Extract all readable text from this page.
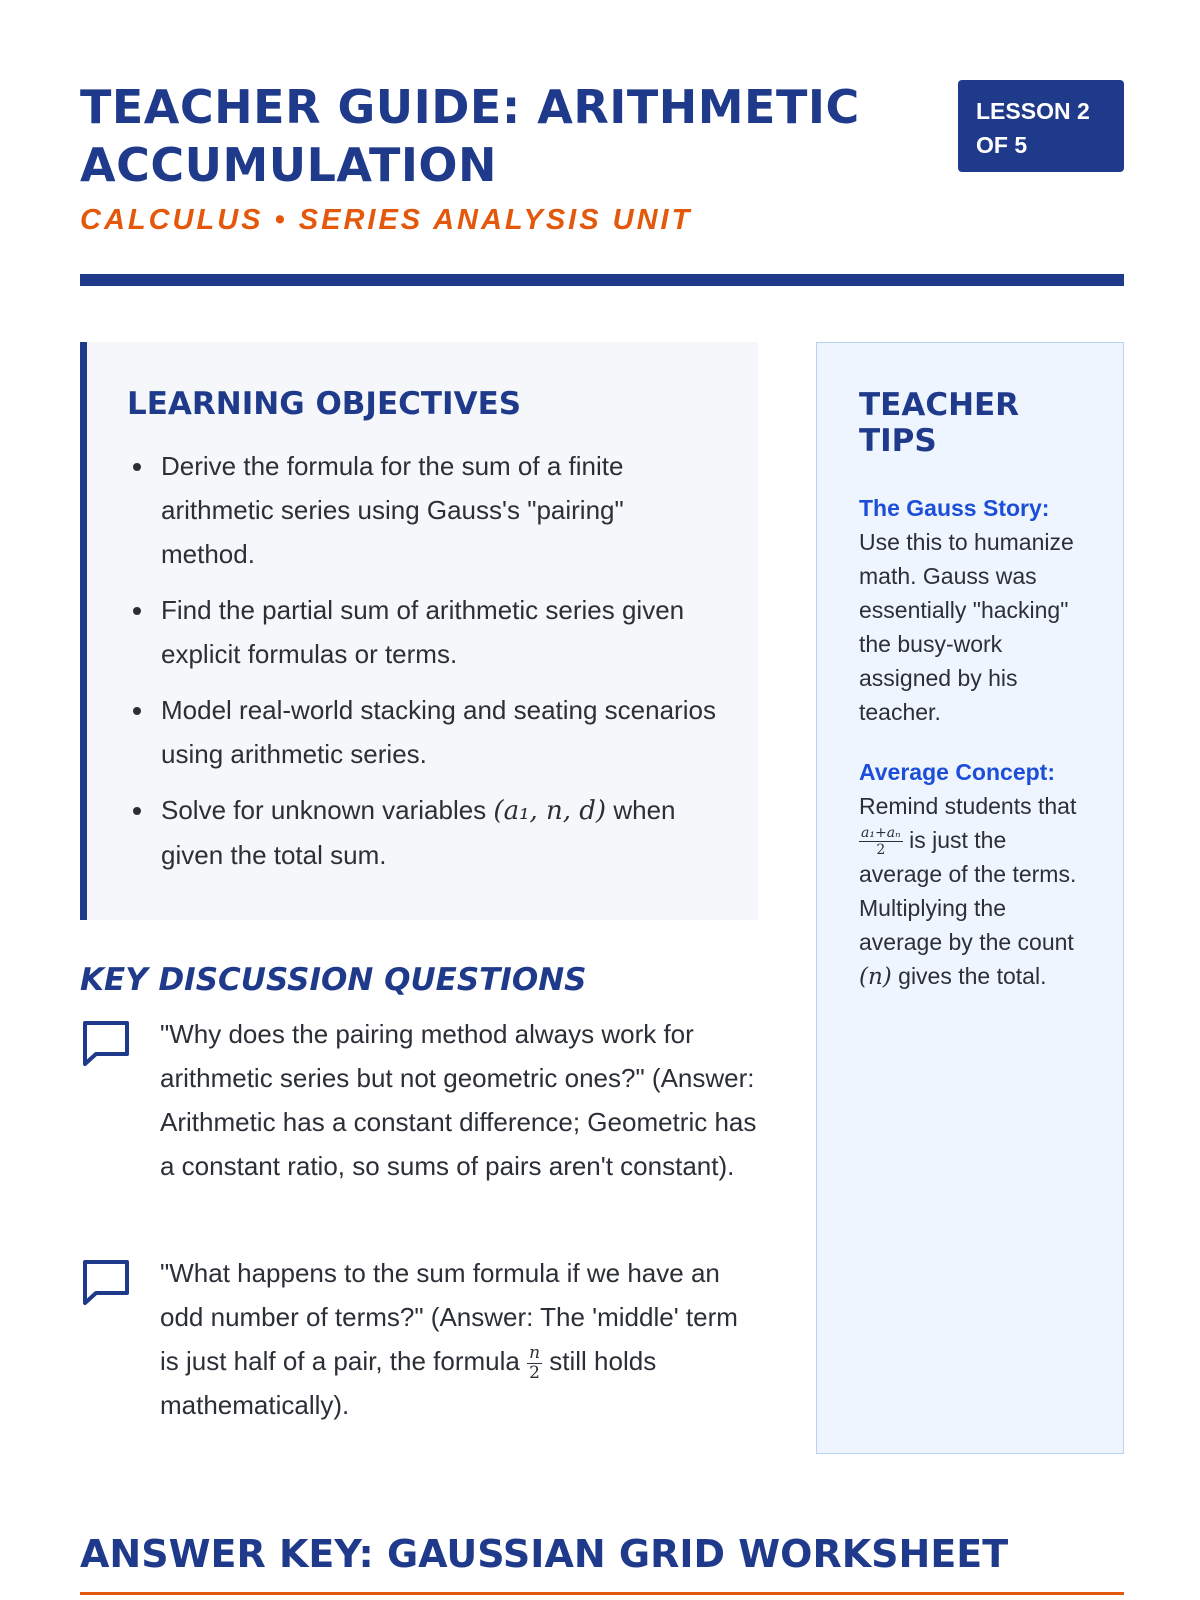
TEACHER GUIDE: ARITHMETIC ACCUMULATION
CALCULUS • SERIES ANALYSIS UNIT
LESSON 2 OF 5
LEARNING OBJECTIVES
Derive the formula for the sum of a finite arithmetic series using Gauss's "pairing" method.
Find the partial sum of arithmetic series given explicit formulas or terms.
Model real-world stacking and seating scenarios using arithmetic series.
Solve for unknown variables (a₁, n, d) when given the total sum.
KEY DISCUSSION QUESTIONS
"Why does the pairing method always work for arithmetic series but not geometric ones?" (Answer: Arithmetic has a constant difference; Geometric has a constant ratio, so sums of pairs aren't constant).
"What happens to the sum formula if we have an odd number of terms?" (Answer: The 'middle' term is just half of a pair, the formula $\frac{n}{2}$ still holds mathematically).
TEACHER TIPS
The Gauss Story: Use this to humanize math. Gauss was essentially "hacking" the busy-work assigned by his teacher.
Average Concept: Remind students that
$\frac{\text{a₁+aₙ}}{2}$ is just the average of the terms. Multiplying the average by the count (n) gives the total.
ANSWER KEY: GAUSSIAN GRID WORKSHEET
